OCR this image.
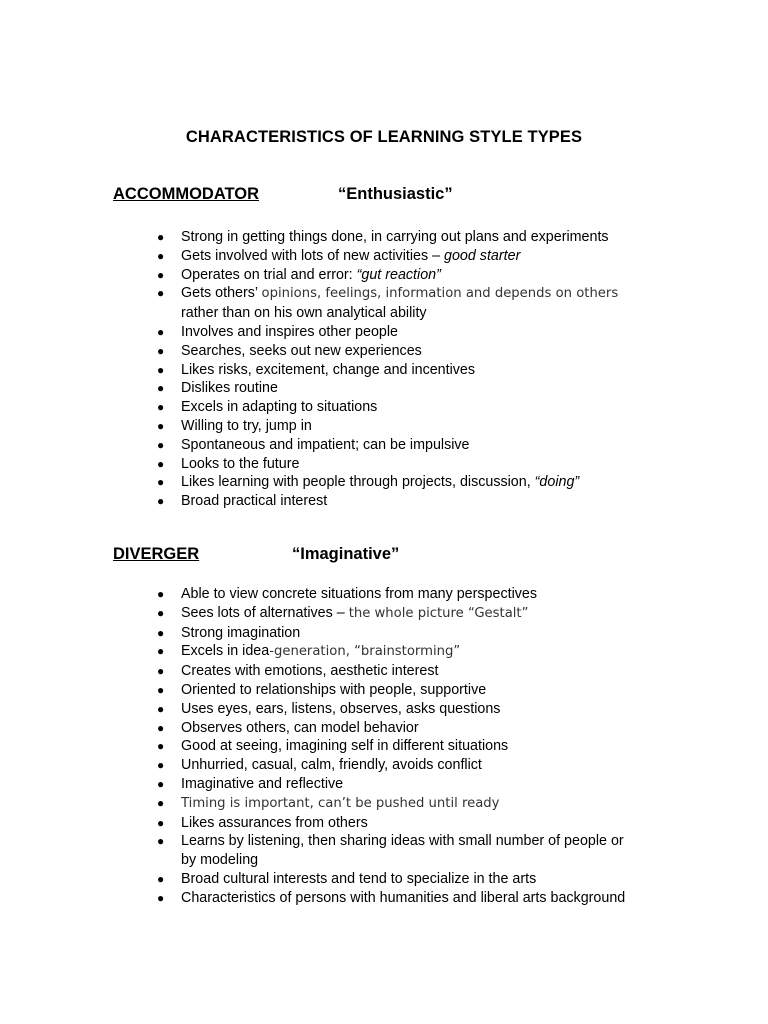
CHARACTERISTICS OF LEARNING STYLE TYPES
ACCOMMODATOR	“Enthusiastic”
● Strong in getting things done, in carrying out plans and experiments
● Gets involved with lots of new activities – good starter
● Operates on trial and error: “gut reaction”
● Gets others’ opinions, feelings, information and depends on others
rather than on his own analytical ability
● Involves and inspires other people
● Searches, seeks out new experiences
● Likes risks, excitement, change and incentives
● Dislikes routine
● Excels in adapting to situations
● Willing to try, jump in
● Spontaneous and impatient; can be impulsive
● Looks to the future
● Likes learning with people through projects, discussion, “doing”
● Broad practical interest
DIVERGER	“Imaginative”
● Able to view concrete situations from many perspectives
● Sees lots of alternatives – the whole picture “Gestalt”
● Strong imagination
● Excels in idea-generation, “brainstorming”
● Creates with emotions, aesthetic interest
● Oriented to relationships with people, supportive
● Uses eyes, ears, listens, observes, asks questions
● Observes others, can model behavior
● Good at seeing, imagining self in different situations
● Unhurried, casual, calm, friendly, avoids conflict
● Imaginative and reflective
● Timing is important, can’t be pushed until ready
● Likes assurances from others
● Learns by listening, then sharing ideas with small number of people or
by modeling
● Broad cultural interests and tend to specialize in the arts
● Characteristics of persons with humanities and liberal arts background
